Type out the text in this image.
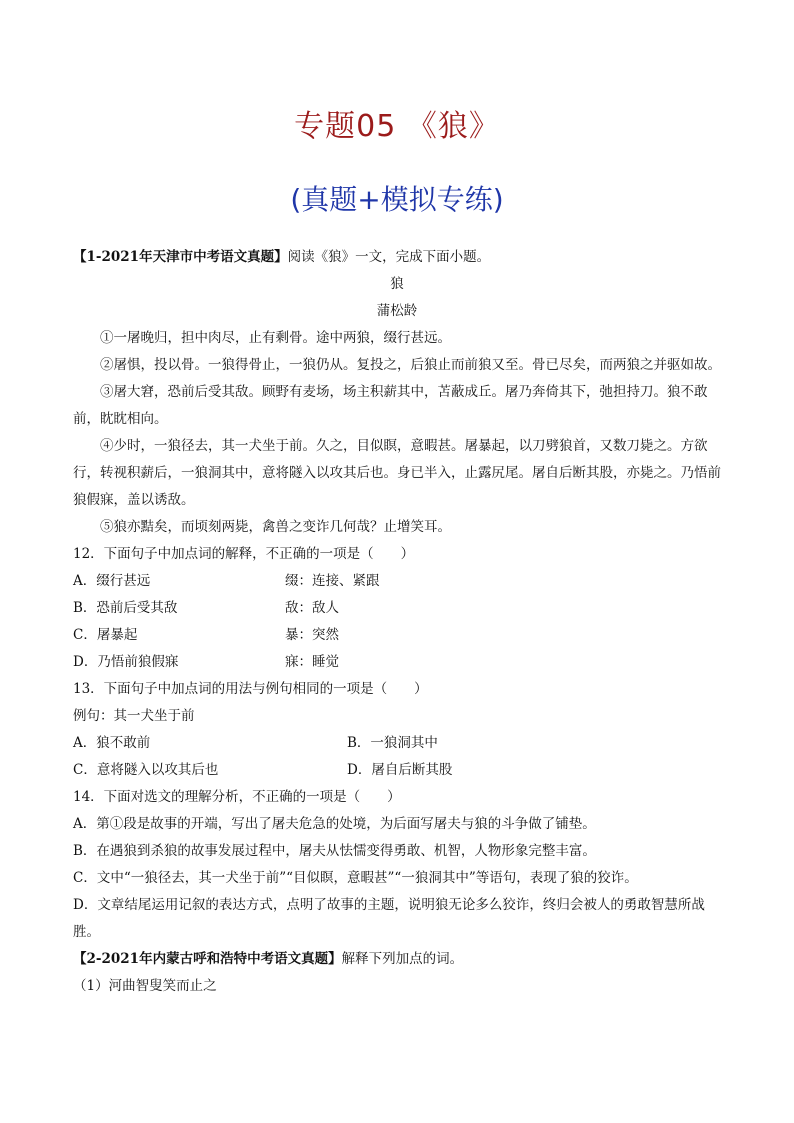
专题05 《狼》
(真题+模拟专练)
【1-2021年天津市中考语文真题】阅读《狼》一文，完成下面小题。
狼
蒲松龄
①一屠晚归，担中肉尽，止有剩骨。途中两狼，缀行甚远。
②屠惧，投以骨。一狼得骨止，一狼仍从。复投之，后狼止而前狼又至。骨已尽矣，而两狼之并驱如故。
③屠大窘，恐前后受其敌。顾野有麦场，场主积薪其中，苫蔽成丘。屠乃奔倚其下，弛担持刀。狼不敢前，眈眈相向。
④少时，一狼径去，其一犬坐于前。久之，目似瞑，意暇甚。屠暴起，以刀劈狼首，又数刀毙之。方欲行，转视积薪后，一狼洞其中，意将隧入以攻其后也。身已半入，止露尻尾。屠自后断其股，亦毙之。乃悟前狼假寐，盖以诱敌。
⑤狼亦黠矣，而顷刻两毙，禽兽之变诈几何哉？止增笑耳。
12．下面句子中加点词的解释，不正确的一项是（　　）
A．缀行甚远	缀：连接、紧跟
B．恐前后受其敌	敌：敌人
C．屠暴起	暴：突然
D．乃悟前狼假寐	寐：睡觉
13．下面句子中加点词的用法与例句相同的一项是（　　）
例句：其一犬坐于前
A．狼不敢前	B．一狼洞其中
C．意将隧入以攻其后也	D．屠自后断其股
14．下面对选文的理解分析，不正确的一项是（　　）
A．第①段是故事的开端，写出了屠夫危急的处境，为后面写屠夫与狼的斗争做了铺垫。
B．在遇狼到杀狼的故事发展过程中，屠夫从怯懦变得勇敢、机智，人物形象完整丰富。
C．文中“一狼径去，其一犬坐于前”“目似瞑，意暇甚”“一狼洞其中”等语句，表现了狼的狡诈。
D．文章结尾运用记叙的表达方式，点明了故事的主题，说明狼无论多么狡诈，终归会被人的勇敢智慧所战胜。
【2-2021年内蒙古呼和浩特中考语文真题】解释下列加点的词。
（1）河曲智叟笑而止之
